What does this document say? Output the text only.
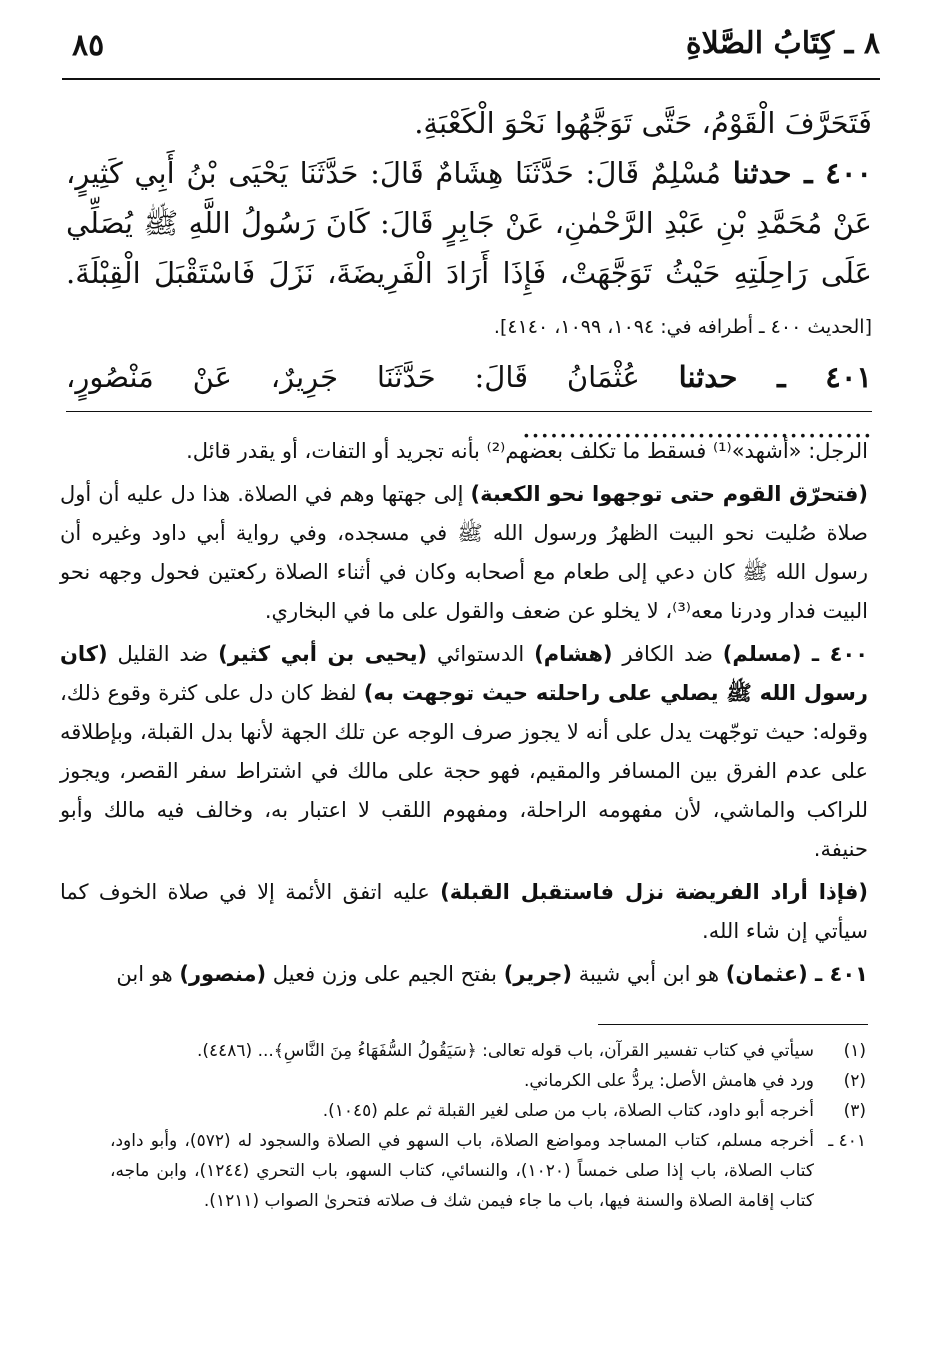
٨٥	٨ ـ كِتَابُ الصَّلاةِ

فَتَحَرَّفَ الْقَوْمُ، حَتَّى تَوَجَّهُوا نَحْوَ الْكَعْبَةِ.

٤٠٠ ـ حدثنا مُسْلِمٌ قَالَ: حَدَّثَنَا هِشَامٌ قَالَ: حَدَّثَنَا يَحْيَى بْنُ أَبِي كَثِيرٍ، عَنْ مُحَمَّدِ بْنِ عَبْدِ الرَّحْمٰنِ، عَنْ جَابِرٍ قَالَ: كَانَ رَسُولُ اللَّهِ ﷺ يُصَلِّي عَلَى رَاحِلَتِهِ حَيْثُ تَوَجَّهَتْ، فَإِذَا أَرَادَ الْفَرِيضَةَ، نَزَلَ فَاسْتَقْبَلَ الْقِبْلَةَ. [الحديث ٤٠٠ ـ أطرافه في: ١٠٩٤، ١٠٩٩، ٤١٤٠].

٤٠١ ـ حدثنا عُثْمَانُ قَالَ: حَدَّثَنَا جَرِيرٌ، عَنْ مَنْصُورٍ، ......................................

الرجل: «أشهد»⁽¹⁾ فسقط ما تكلف بعضهم⁽²⁾ بأنه تجريد أو التفات، أو يقدر قائل.

(فتحرّق القوم حتى توجهوا نحو الكعبة) إلى جهتها وهم في الصلاة. هذا دل عليه أن أول صلاة صُليت نحو البيت الظهرُ ورسول الله ﷺ في مسجده، وفي رواية أبي داود وغيره أن رسول الله ﷺ كان دعي إلى طعام مع أصحابه وكان في أثناء الصلاة ركعتين فحول وجهه نحو البيت فدار ودرنا معه⁽³⁾، لا يخلو عن ضعف والقول على ما في البخاري.

٤٠٠ ـ (مسلم) ضد الكافر (هشام) الدستوائي (يحيى بن أبي كثير) ضد القليل (كان رسول الله ﷺ يصلي على راحلته حيث توجهت به) لفظ كان دل على كثرة وقوع ذلك، وقوله: حيث توجّهت يدل على أنه لا يجوز صرف الوجه عن تلك الجهة لأنها بدل القبلة، وبإطلاقه على عدم الفرق بين المسافر والمقيم، فهو حجة على مالك في اشتراط سفر القصر، ويجوز للراكب والماشي، لأن مفهومه الراحلة، ومفهوم اللقب لا اعتبار به، وخالف فيه مالك وأبو حنيفة.

(فإذا أراد الفريضة نزل فاستقبل القبلة) عليه اتفق الأئمة إلا في صلاة الخوف كما سيأتي إن شاء الله.

٤٠١ ـ (عثمان) هو ابن أبي شيبة (جرير) بفتح الجيم على وزن فعيل (منصور) هو ابن

(١)
سيأتي في كتاب تفسير القرآن، باب قوله تعالى: ﴿سَيَقُولُ السُّفَهَاءُ مِنَ النَّاسِ﴾... (٤٤٨٦).
(٢)
ورد في هامش الأصل: يردُّ على الكرماني.
(٣)
أخرجه أبو داود، كتاب الصلاة، باب من صلى لغير القبلة ثم علم (١٠٤٥).
٤٠١ ـ
أخرجه مسلم، كتاب المساجد ومواضع الصلاة، باب السهو في الصلاة والسجود له (٥٧٢)، وأبو داود، كتاب الصلاة، باب إذا صلى خمساً (١٠٢٠)، والنسائي، كتاب السهو، باب التحري (١٢٤٤)، وابن ماجه، كتاب إقامة الصلاة والسنة فيها، باب ما جاء فيمن شك ف صلاته فتحرىٰ الصواب (١٢١١).
